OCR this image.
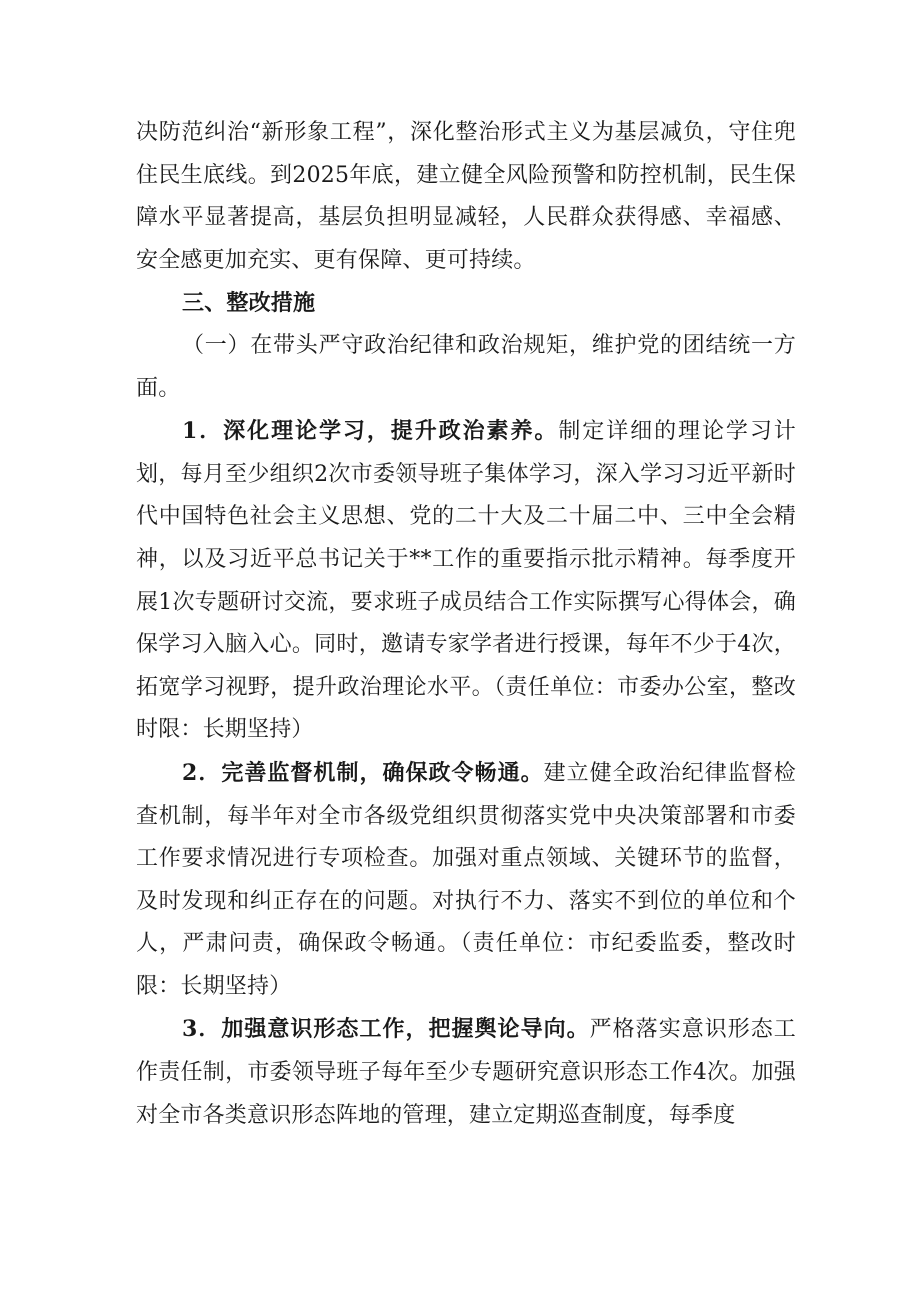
决防范纠治“新形象工程”，深化整治形式主义为基层减负，守住兜住民生底线。到2025年底，建立健全风险预警和防控机制，民生保障水平显著提高，基层负担明显减轻，人民群众获得感、幸福感、安全感更加充实、更有保障、更可持续。

三、整改措施

（一）在带头严守政治纪律和政治规矩，维护党的团结统一方面。

1．深化理论学习，提升政治素养。制定详细的理论学习计划，每月至少组织2次市委领导班子集体学习，深入学习习近平新时代中国特色社会主义思想、党的二十大及二十届二中、三中全会精神，以及习近平总书记关于**工作的重要指示批示精神。每季度开展1次专题研讨交流，要求班子成员结合工作实际撰写心得体会，确保学习入脑入心。同时，邀请专家学者进行授课，每年不少于4次，拓宽学习视野，提升政治理论水平。（责任单位：市委办公室，整改时限：长期坚持）

2．完善监督机制，确保政令畅通。建立健全政治纪律监督检查机制，每半年对全市各级党组织贯彻落实党中央决策部署和市委工作要求情况进行专项检查。加强对重点领域、关键环节的监督，及时发现和纠正存在的问题。对执行不力、落实不到位的单位和个人，严肃问责，确保政令畅通。（责任单位：市纪委监委，整改时限：长期坚持）

3．加强意识形态工作，把握舆论导向。严格落实意识形态工作责任制，市委领导班子每年至少专题研究意识形态工作4次。加强对全市各类意识形态阵地的管理，建立定期巡查制度，每季度
